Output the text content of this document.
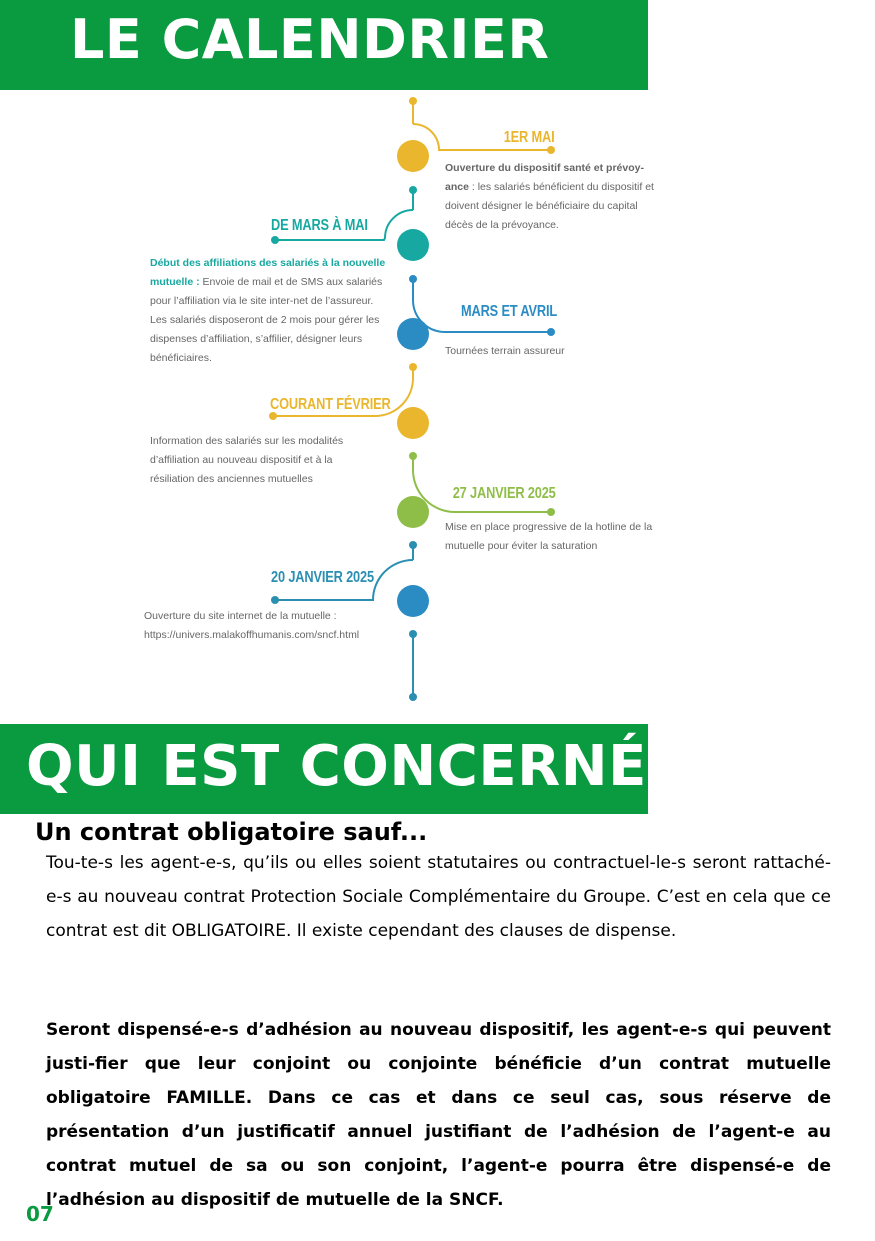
LE CALENDRIER
1ER MAI
Ouverture du dispositif santé et prévoy-ance : les salariés bénéficient du dispositif et doivent désigner le bénéficiaire du capital décès de la prévoyance.
DE MARS À MAI
Début des affiliations des salariés à la nouvelle mutuelle : Envoie de mail et de SMS aux salariés pour l’affiliation via le site inter-net de l’assureur. Les salariés disposeront de 2 mois pour gérer les dispenses d’affiliation, s’affilier, désigner leurs bénéficiaires.
MARS ET AVRIL
Tournées terrain assureur
COURANT FÉVRIER
Information des salariés sur les modalités d’affiliation au nouveau dispositif et à la résiliation des anciennes mutuelles
27 JANVIER 2025
Mise en place progressive de la hotline de la mutuelle pour éviter la saturation
20 JANVIER 2025
Ouverture du site internet de la mutuelle : https://univers.malakoffhumanis.com/sncf.html
QUI EST CONCERNÉ-E
Un contrat obligatoire sauf...

Tou-te-s les agent-e-s, qu’ils ou elles soient statutaires ou contractuel-le-s seront rattaché-e-s au nouveau contrat Protection Sociale Complémentaire du Groupe. C’est en cela que ce contrat est dit OBLIGATOIRE. Il existe cependant des clauses de dispense.

Seront dispensé-e-s d’adhésion au nouveau dispositif, les agent-e-s qui peuvent justi-fier que leur conjoint ou conjointe bénéficie d’un contrat mutuelle obligatoire FAMILLE. Dans ce cas et dans ce seul cas, sous réserve de présentation d’un justificatif annuel justifiant de l’adhésion de l’agent-e au contrat mutuel de sa ou son conjoint, l’agent-e pourra être dispensé-e de l’adhésion au dispositif de mutuelle de la SNCF.

07
